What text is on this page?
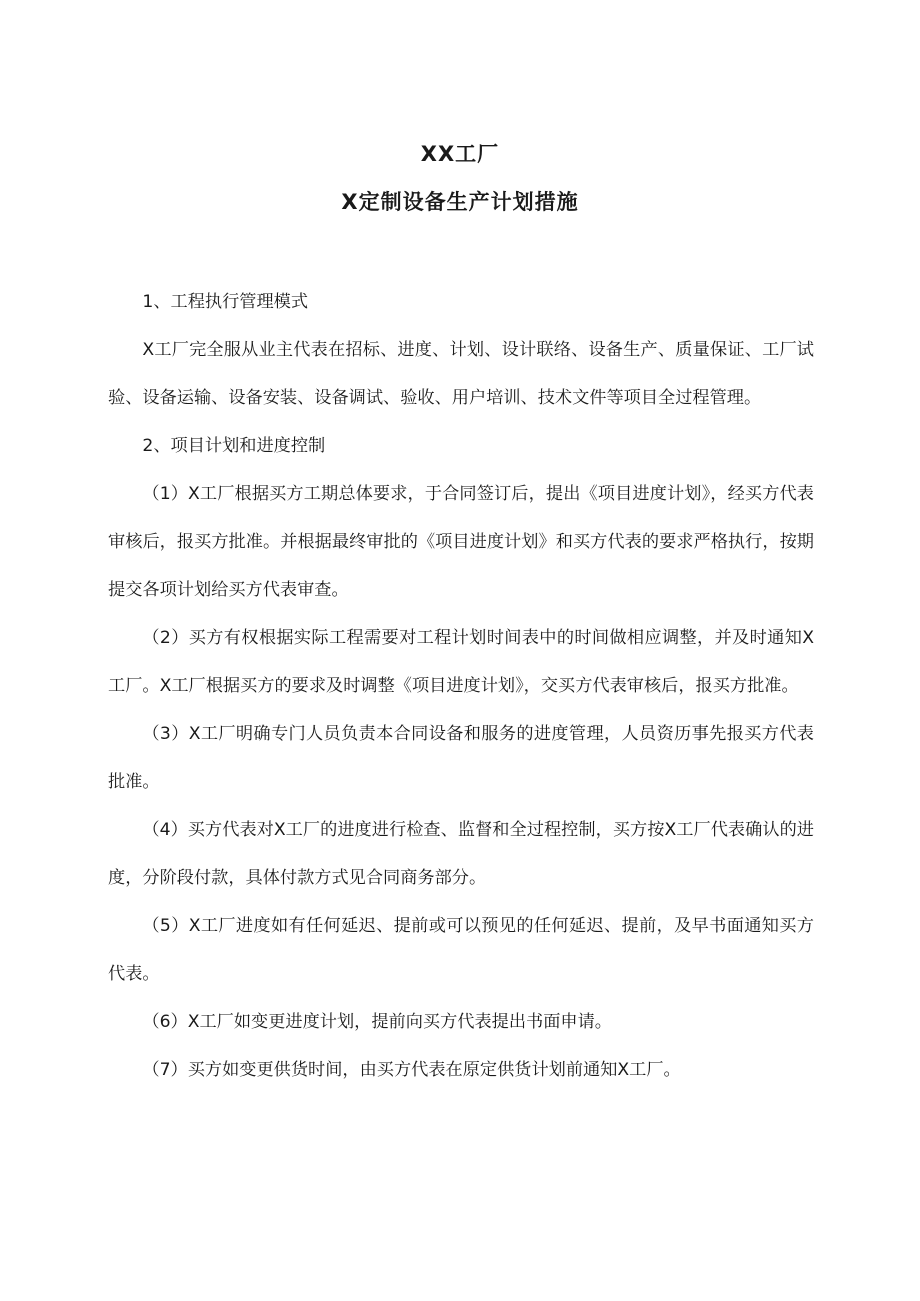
XX工厂
X定制设备生产计划措施

1、工程执行管理模式

X工厂完全服从业主代表在招标、进度、计划、设计联络、设备生产、质量保证、工厂试验、设备运输、设备安装、设备调试、验收、用户培训、技术文件等项目全过程管理。

2、项目计划和进度控制

（1）X工厂根据买方工期总体要求，于合同签订后，提出《项目进度计划》，经买方代表审核后，报买方批准。并根据最终审批的《项目进度计划》和买方代表的要求严格执行，按期提交各项计划给买方代表审查。

（2）买方有权根据实际工程需要对工程计划时间表中的时间做相应调整，并及时通知X工厂。X工厂根据买方的要求及时调整《项目进度计划》，交买方代表审核后，报买方批准。

（3）X工厂明确专门人员负责本合同设备和服务的进度管理，人员资历事先报买方代表批准。

（4）买方代表对X工厂的进度进行检查、监督和全过程控制，买方按X工厂代表确认的进度，分阶段付款，具体付款方式见合同商务部分。

（5）X工厂进度如有任何延迟、提前或可以预见的任何延迟、提前，及早书面通知买方代表。

（6）X工厂如变更进度计划，提前向买方代表提出书面申请。

（7）买方如变更供货时间，由买方代表在原定供货计划前通知X工厂。
